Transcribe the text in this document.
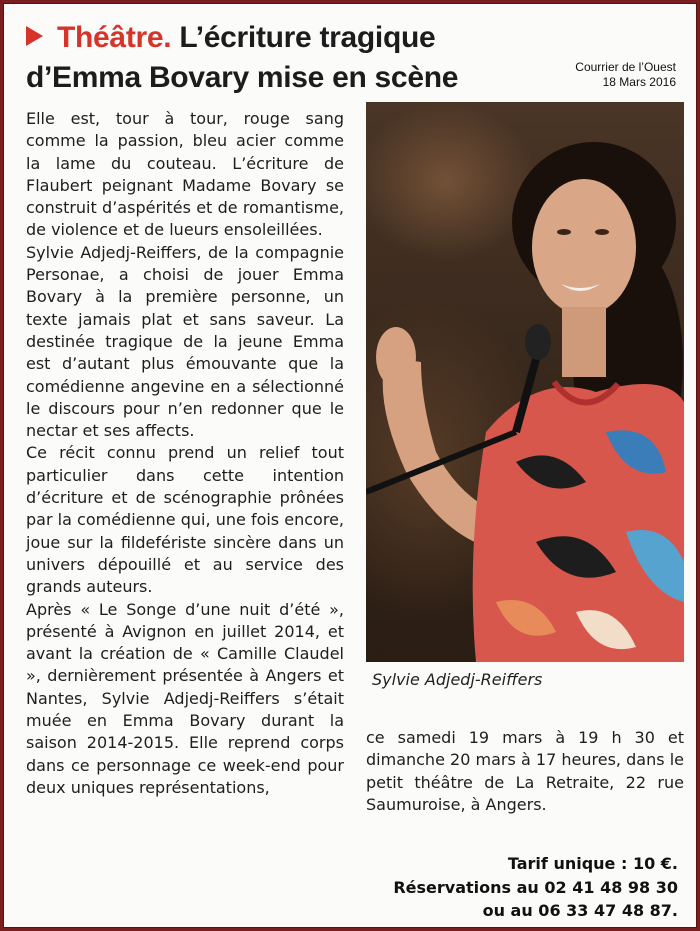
Théâtre. L’écriture tragique
d’Emma Bovary mise en scène	Courrier de l’Ouest
18 Mars 2016

Elle est, tour à tour, rouge sang comme la passion, bleu acier comme la lame du couteau. L’écriture de Flaubert peignant Madame Bovary se construit d’aspérités et de romantisme, de violence et de lueurs ensoleillées.

Sylvie Adjedj-Reiffers, de la compagnie Personae, a choisi de jouer Emma Bovary à la première personne, un texte jamais plat et sans saveur. La destinée tragique de la jeune Emma est d’autant plus émouvante que la comédienne angevine en a sélectionné le discours pour n’en redonner que le nectar et ses affects.

Ce récit connu prend un relief tout particulier dans cette intention d’écriture et de scénographie prônées par la comédienne qui, une fois encore, joue sur la fildefériste sincère dans un univers dépouillé et au service des grands auteurs.

Après « Le Songe d’une nuit d’été », présenté à Avignon en juillet 2014, et avant la création de « Camille Claudel », dernièrement présentée à Angers et Nantes, Sylvie Adjedj-Reiffers s’était muée en Emma Bovary durant la saison 2014-2015. Elle reprend corps dans ce personnage ce week-end pour deux uniques représentations,

Sylvie Adjedj-Reiffers

ce samedi 19 mars à 19 h 30 et dimanche 20 mars à 17 heures, dans le petit théâtre de La Retraite, 22 rue Saumuroise, à Angers.

Tarif unique : 10 €.
Réservations au 02 41 48 98 30
ou au 06 33 47 48 87.
